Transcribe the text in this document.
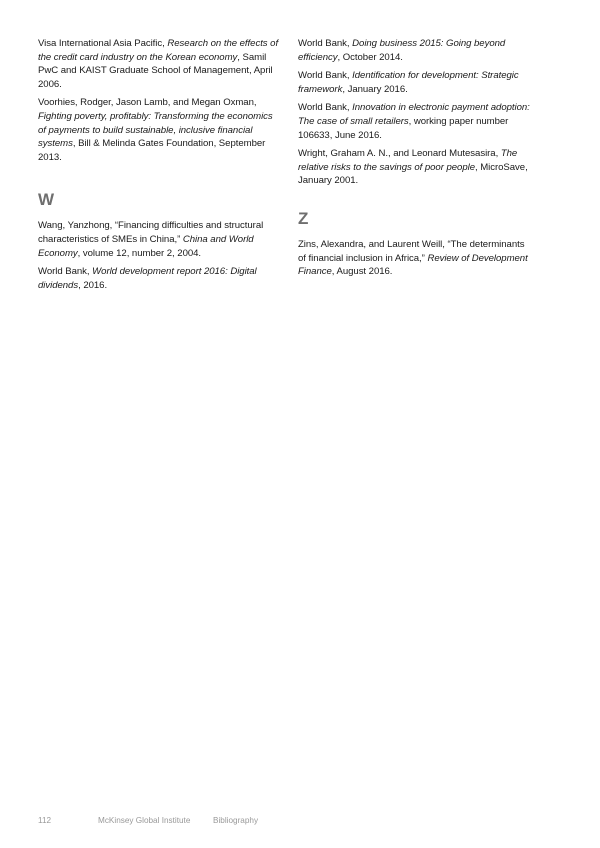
Visa International Asia Pacific, Research on the effects of the credit card industry on the Korean economy, Samil PwC and KAIST Graduate School of Management, April 2006.

Voorhies, Rodger, Jason Lamb, and Megan Oxman, Fighting poverty, profitably: Transforming the economics of payments to build sustainable, inclusive financial systems, Bill & Melinda Gates Foundation, September 2013.

W

Wang, Yanzhong, “Financing difficulties and structural characteristics of SMEs in China,” China and World Economy, volume 12, number 2, 2004.

World Bank, World development report 2016: Digital dividends, 2016.

World Bank, Doing business 2015: Going beyond efficiency, October 2014.

World Bank, Identification for development: Strategic framework, January 2016.

World Bank, Innovation in electronic payment adoption: The case of small retailers, working paper number 106633, June 2016.

Wright, Graham A. N., and Leonard Mutesasira, The relative risks to the savings of poor people, MicroSave, January 2001.

Z

Zins, Alexandra, and Laurent Weill, “The determinants of financial inclusion in Africa,” Review of Development Finance, August 2016.

112	McKinsey Global Institute	Bibliography
